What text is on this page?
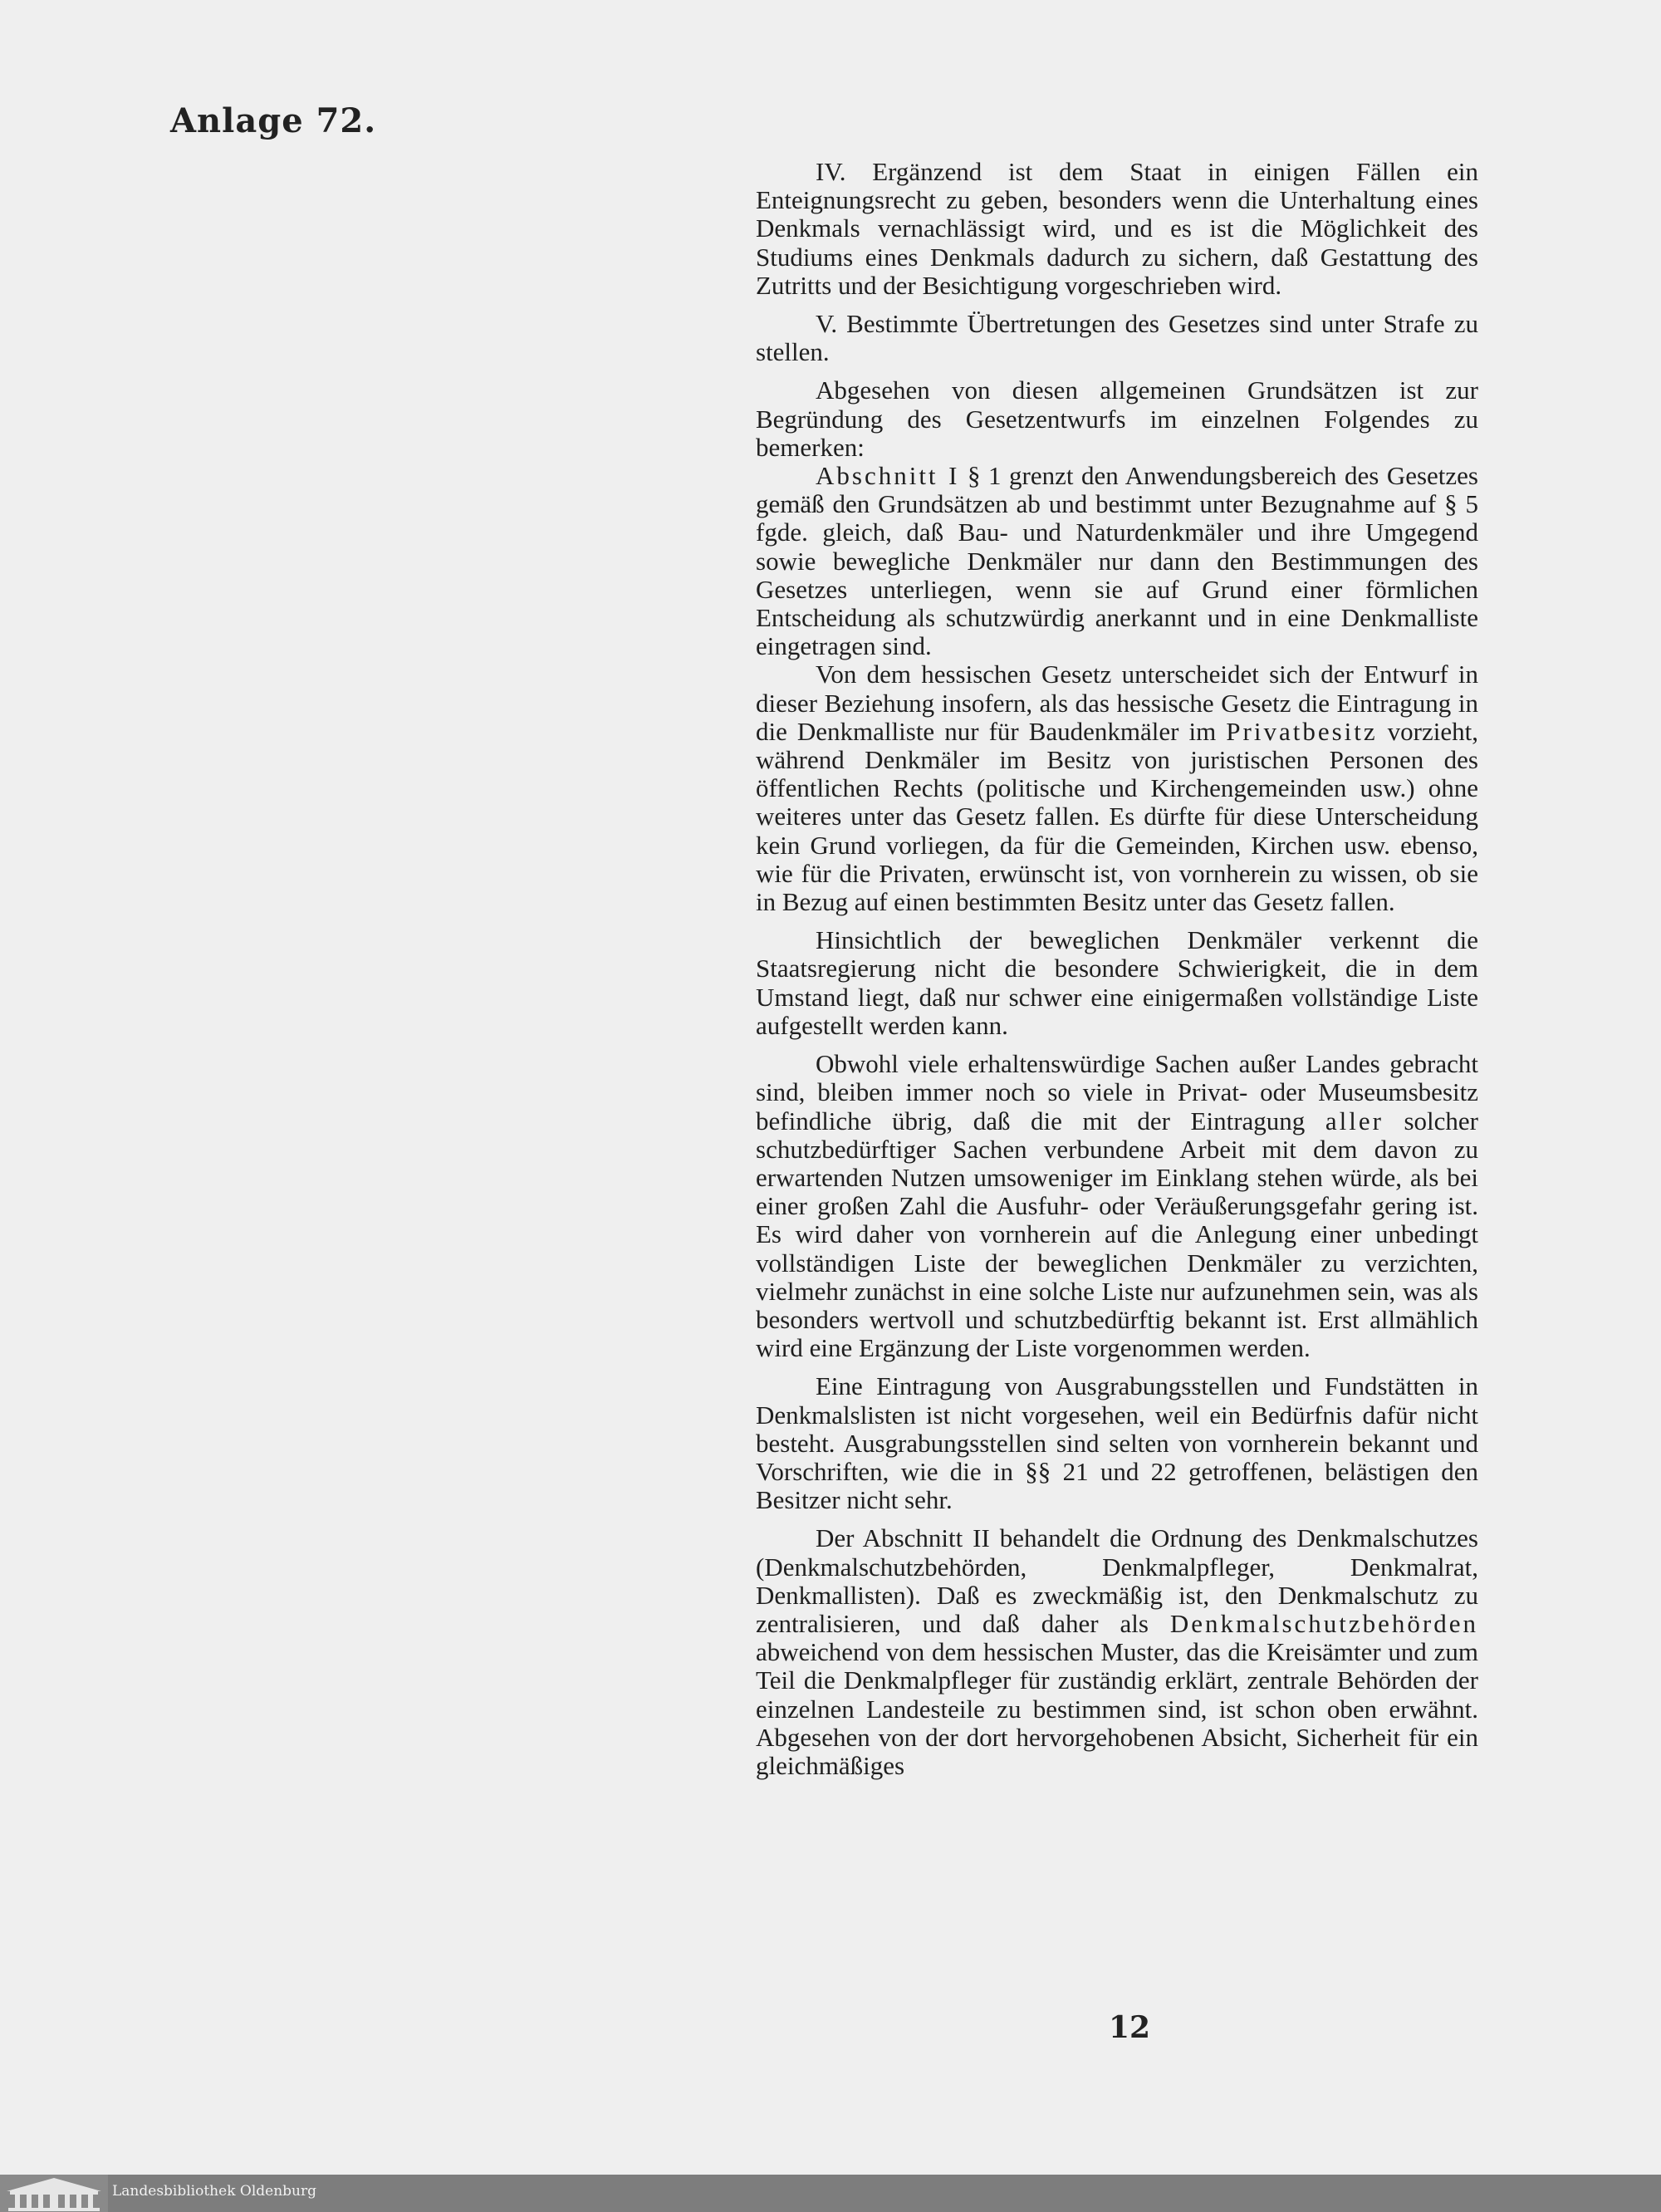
Anlage 72.

IV. Ergänzend ist dem Staat in einigen Fällen ein Enteignungsrecht zu geben, besonders wenn die Unterhaltung eines Denkmals vernachlässigt wird, und es ist die Möglichkeit des Studiums eines Denkmals dadurch zu sichern, daß Gestattung des Zutritts und der Besichtigung vorgeschrieben wird.

V. Bestimmte Übertretungen des Gesetzes sind unter Strafe zu stellen.

Abgesehen von diesen allgemeinen Grundsätzen ist zur Begründung des Gesetzentwurfs im einzelnen Folgendes zu bemerken:

Abschnitt I § 1 grenzt den Anwendungsbereich des Gesetzes gemäß den Grundsätzen ab und bestimmt unter Bezugnahme auf § 5 fgde. gleich, daß Bau- und Naturdenkmäler und ihre Umgegend sowie bewegliche Denkmäler nur dann den Bestimmungen des Gesetzes unterliegen, wenn sie auf Grund einer förmlichen Entscheidung als schutzwürdig anerkannt und in eine Denkmalliste eingetragen sind.

Von dem hessischen Gesetz unterscheidet sich der Entwurf in dieser Beziehung insofern, als das hessische Gesetz die Eintragung in die Denkmalliste nur für Baudenkmäler im Privatbesitz vorzieht, während Denkmäler im Besitz von juristischen Personen des öffentlichen Rechts (politische und Kirchengemeinden usw.) ohne weiteres unter das Gesetz fallen. Es dürfte für diese Unterscheidung kein Grund vorliegen, da für die Gemeinden, Kirchen usw. ebenso, wie für die Privaten, erwünscht ist, von vornherein zu wissen, ob sie in Bezug auf einen bestimmten Besitz unter das Gesetz fallen.

Hinsichtlich der beweglichen Denkmäler verkennt die Staatsregierung nicht die besondere Schwierigkeit, die in dem Umstand liegt, daß nur schwer eine einigermaßen vollständige Liste aufgestellt werden kann.

Obwohl viele erhaltenswürdige Sachen außer Landes gebracht sind, bleiben immer noch so viele in Privat- oder Museumsbesitz befindliche übrig, daß die mit der Eintragung aller solcher schutzbedürftiger Sachen verbundene Arbeit mit dem davon zu erwartenden Nutzen umsoweniger im Einklang stehen würde, als bei einer großen Zahl die Ausfuhr- oder Veräußerungsgefahr gering ist. Es wird daher von vornherein auf die Anlegung einer unbedingt vollständigen Liste der beweglichen Denkmäler zu verzichten, vielmehr zunächst in eine solche Liste nur aufzunehmen sein, was als besonders wertvoll und schutzbedürftig bekannt ist. Erst allmählich wird eine Ergänzung der Liste vorgenommen werden.

Eine Eintragung von Ausgrabungsstellen und Fundstätten in Denkmalslisten ist nicht vorgesehen, weil ein Bedürfnis dafür nicht besteht. Ausgrabungsstellen sind selten von vornherein bekannt und Vorschriften, wie die in §§ 21 und 22 getroffenen, belästigen den Besitzer nicht sehr.

Der Abschnitt II behandelt die Ordnung des Denkmalschutzes (Denkmalschutzbehörden, Denkmalpfleger, Denkmalrat, Denkmallisten). Daß es zweckmäßig ist, den Denkmalschutz zu zentralisieren, und daß daher als Denkmalschutzbehörden abweichend von dem hessischen Muster, das die Kreisämter und zum Teil die Denkmalpfleger für zuständig erklärt, zentrale Behörden der einzelnen Landesteile zu bestimmen sind, ist schon oben erwähnt. Abgesehen von der dort hervorgehobenen Absicht, Sicherheit für ein gleichmäßiges

12
Landesbibliothek Oldenburg
